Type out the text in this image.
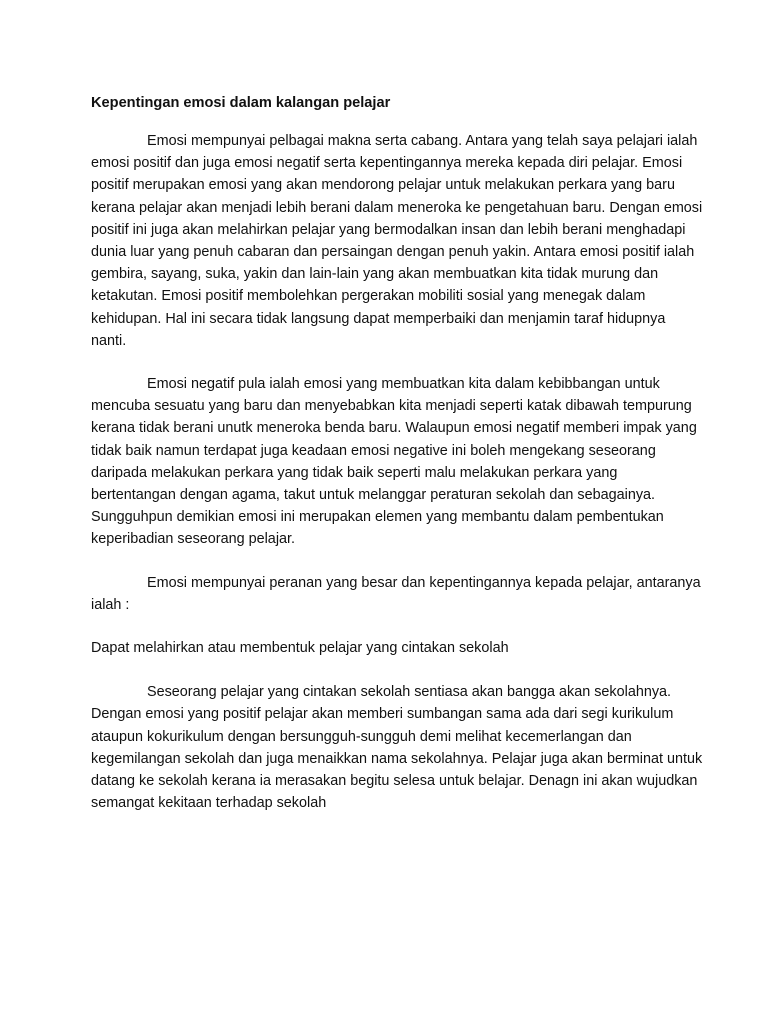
Kepentingan emosi dalam kalangan pelajar

Emosi mempunyai pelbagai makna serta cabang. Antara yang telah saya pelajari ialah
emosi positif dan juga emosi negatif serta kepentingannya mereka kepada diri pelajar. Emosi
positif merupakan emosi yang akan mendorong pelajar untuk melakukan perkara yang baru
kerana pelajar akan menjadi lebih berani dalam meneroka ke pengetahuan baru. Dengan emosi
positif ini juga akan melahirkan pelajar yang bermodalkan insan dan lebih berani menghadapi
dunia luar yang penuh cabaran dan persaingan dengan penuh yakin. Antara emosi positif ialah
gembira, sayang, suka, yakin dan lain-lain yang akan membuatkan kita tidak murung dan
ketakutan. Emosi positif membolehkan pergerakan mobiliti sosial yang menegak dalam
kehidupan. Hal ini secara tidak langsung dapat memperbaiki dan menjamin taraf hidupnya
nanti.

Emosi negatif pula ialah emosi yang membuatkan kita dalam kebibbangan untuk
mencuba sesuatu yang baru dan menyebabkan kita menjadi seperti katak dibawah tempurung
kerana tidak berani unutk meneroka benda baru. Walaupun emosi negatif memberi impak yang
tidak baik namun terdapat juga keadaan emosi negative ini boleh mengekang seseorang
daripada melakukan perkara yang tidak baik seperti malu melakukan perkara yang
bertentangan dengan agama, takut untuk melanggar peraturan sekolah dan sebagainya.
Sungguhpun demikian emosi ini merupakan elemen yang membantu dalam pembentukan
keperibadian seseorang pelajar.

Emosi mempunyai peranan yang besar dan kepentingannya kepada pelajar, antaranya
ialah :

Dapat melahirkan atau membentuk pelajar yang cintakan sekolah

Seseorang pelajar yang cintakan sekolah sentiasa akan bangga akan sekolahnya.
Dengan emosi yang positif pelajar akan memberi sumbangan sama ada dari segi kurikulum
ataupun kokurikulum dengan bersungguh-sungguh demi melihat kecemerlangan dan
kegemilangan sekolah dan juga menaikkan nama sekolahnya. Pelajar juga akan berminat untuk
datang ke sekolah kerana ia merasakan begitu selesa untuk belajar. Denagn ini akan wujudkan
semangat kekitaan terhadap sekolah
